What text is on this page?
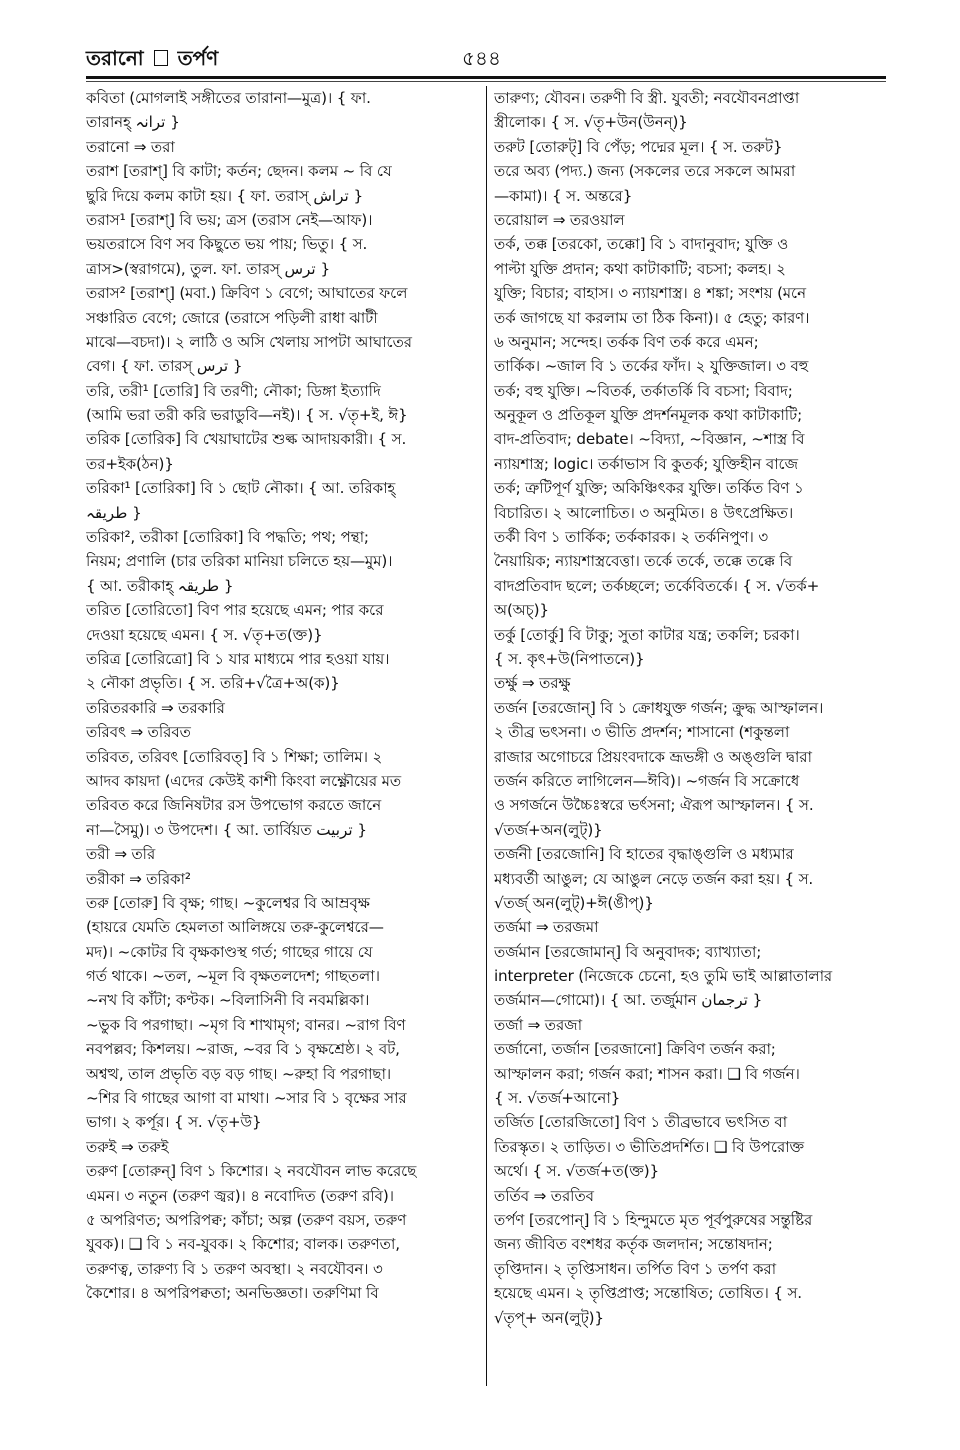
তরানো তর্পণ	৫৪৪
কবিতা (মোগলাই সঙ্গীতের তারানা—মুত্র)। { ফা.
তারানহ্ ترانہ }
তরানো ⇒ তরা
তরাশ [তরাশ্] বি কাটা; কর্তন; ছেদন। কলম ~ বি যে
ছুরি দিয়ে কলম কাটা হয়। { ফা. তরাস্ تراش }
তরাস¹ [তরাশ্] বি ভয়; ত্রস (তরাস নেই—আফ)।
ভয়তরাসে বিণ সব কিছুতে ভয় পায়; ভিতু। { স.
ত্রাস>(স্বরাগমে), তুল. ফা. তারস্ ترس }
তরাস² [তরাশ্] (মবা.) ক্রিবিণ ১ বেগে; আঘাতের ফলে
সঞ্চারিত বেগে; জোরে (তরাসে পড়িলী রাধা ঝাটী
মাঝে—বচদা)। ২ লাঠি ও অসি খেলায় সাপটা আঘাতের
বেগ। { ফা. তারস্ ترس }
তরি, তরী¹ [তোরি] বি তরণী; নৌকা; ডিঙ্গা ইত্যাদি
(আমি ভরা তরী করি ভরাডুবি—নই)। { স. √তৃ+ই, ঈ}
তরিক [তোরিক] বি খেয়াঘাটের শুল্ক আদায়কারী। { স.
তর+ইক(ঠন)}
তরিকা¹ [তোরিকা] বি ১ ছোট নৌকা। { আ. তরিকাহ্
طریقہ }
তরিকা², তরীকা [তোরিকা] বি পদ্ধতি; পথ; পন্থা;
নিয়ম; প্রণালি (চার তরিকা মানিয়া চলিতে হয়—মুম)।
{ আ. তরীকাহ্ طریقہ }
তরিত [তোরিতো] বিণ পার হয়েছে এমন; পার করে
দেওয়া হয়েছে এমন। { স. √তৃ+ত(ক্ত)}
তরিত্র [তোরিত্রো] বি ১ যার মাধ্যমে পার হওয়া যায়।
২ নৌকা প্রভৃতি। { স. তরি+√ত্রৈ+অ(ক)}
তরিতরকারি ⇒ তরকারি
তরিবৎ ⇒ তরিবত
তরিবত, তরিবৎ [তোরিবত্] বি ১ শিক্ষা; তালিম। ২
আদব কায়দা (এদের কেউই কাশী কিংবা লক্ষ্ণৌয়ের মত
তরিবত করে জিনিষটার রস উপভোগ করতে জানে
না—সৈমু)। ৩ উপদেশ। { আ. তার্বিয়ত تربیت }
তরী ⇒ তরি
তরীকা ⇒ তরিকা²
তরু [তোরু] বি বৃক্ষ; গাছ। ~কুলেশ্বর বি আম্রবৃক্ষ
(হায়রে যেমতি হেমলতা আলিঙ্গয়ে তরু-কুলেশ্বরে—
মদ)। ~কোটর বি বৃক্ষকাণ্ডস্থ গর্ত; গাছের গায়ে যে
গর্ত থাকে। ~তল, ~মূল বি বৃক্ষতলদেশ; গাছতলা।
~নখ বি কাঁটা; কণ্টক। ~বিলাসিনী বি নবমল্লিকা।
~ভুক বি পরগাছা। ~মৃগ বি শাখামৃগ; বানর। ~রাগ বিণ
নবপল্লব; কিশলয়। ~রাজ, ~বর বি ১ বৃক্ষশ্রেষ্ঠ। ২ বট,
অশ্বত্থ, তাল প্রভৃতি বড় বড় গাছ। ~রুহা বি পরগাছা।
~শির বি গাছের আগা বা মাথা। ~সার বি ১ বৃক্ষের সার
ভাগ। ২ কর্পূর। { স. √তৃ+উ}
তরুই ⇒ তরুই
তরুণ [তোরুন্] বিণ ১ কিশোর। ২ নবযৌবন লাভ করেছে
এমন। ৩ নতুন (তরুণ জ্বর)। ৪ নবোদিত (তরুণ রবি)।
৫ অপরিণত; অপরিপক্ব; কাঁচা; অল্প (তরুণ বয়স, তরুণ
যুবক)। ❑ বি ১ নব-যুবক। ২ কিশোর; বালক। তরুণতা,
তরুণত্ব, তারুণ্য বি ১ তরুণ অবস্থা। ২ নবযৌবন। ৩
কৈশোর। ৪ অপরিপক্বতা; অনভিজ্ঞতা। তরুণিমা বি
তারুণ্য; যৌবন। তরুণী বি স্ত্রী. যুবতী; নবযৌবনপ্রাপ্তা
স্ত্রীলোক। { স. √তৃ+উন(উনন্)}
তরুট [তোরুট্] বি পেঁড়; পদ্মের মূল। { স. তরুট}
তরে অব্য (পদ্য.) জন্য (সকলের তরে সকলে আমরা
—কামা)। { স. অন্তরে}
তরোয়াল ⇒ তরওয়াল
তর্ক, তক্ক [তরকো, তক্কো] বি ১ বাদানুবাদ; যুক্তি ও
পাল্টা যুক্তি প্রদান; কথা কাটাকাটি; বচসা; কলহ। ২
যুক্তি; বিচার; বাহাস। ৩ ন্যায়শাস্ত্র। ৪ শঙ্কা; সংশয় (মনে
তর্ক জাগছে যা করলাম তা ঠিক কিনা)। ৫ হেতু; কারণ।
৬ অনুমান; সন্দেহ। তর্কক বিণ তর্ক করে এমন;
তার্কিক। ~জাল বি ১ তর্কের ফাঁদ। ২ যুক্তিজাল। ৩ বহু
তর্ক; বহু যুক্তি। ~বিতর্ক, তর্কাতর্কি বি বচসা; বিবাদ;
অনুকূল ও প্রতিকূল যুক্তি প্রদর্শনমূলক কথা কাটাকাটি;
বাদ-প্রতিবাদ; debate। ~বিদ্যা, ~বিজ্ঞান, ~শাস্ত্র বি
ন্যায়শাস্ত্র; logic। তর্কাভাস বি কুতর্ক; যুক্তিহীন বাজে
তর্ক; ত্রুটিপূর্ণ যুক্তি; অকিঞ্চিৎকর যুক্তি। তর্কিত বিণ ১
বিচারিত। ২ আলোচিত। ৩ অনুমিত। ৪ উৎপ্রেক্ষিত।
তর্কী বিণ ১ তার্কিক; তর্ককারক। ২ তর্কনিপুণ। ৩
নৈয়ায়িক; ন্যায়শাস্ত্রবেত্তা। তর্কে তর্কে, তক্কে তক্কে বি
বাদপ্রতিবাদ ছলে; তর্কচ্ছলে; তর্কেবিতর্কে। { স. √তর্ক+
অ(অচ্)}
তর্কু [তোর্কু] বি টাকু; সুতা কাটার যন্ত্র; তকলি; চরকা।
{ স. কৃৎ+উ(নিপাতনে)}
তর্ক্ষু ⇒ তরক্ষু
তর্জন [তরজোন্] বি ১ ক্রোধযুক্ত গর্জন; ক্রুদ্ধ আস্ফালন।
২ তীব্র ভৎসনা। ৩ ভীতি প্রদর্শন; শাসানো (শকুন্তলা
রাজার অগোচরে প্রিয়ংবদাকে ভ্রূভঙ্গী ও অঙ্গুলি দ্বারা
তর্জন করিতে লাগিলেন—ঈবি)। ~গর্জন বি সক্রোধে
ও সগর্জনে উচ্চৈঃস্বরে ভর্ৎসনা; ঐরূপ আস্ফালন। { স.
√তর্জ+অন(লুট্)}
তর্জনী [তরজোনি] বি হাতের বৃদ্ধাঙ্গুলি ও মধ্যমার
মধ্যবর্তী আঙুল; যে আঙুল নেড়ে তর্জন করা হয়। { স.
√তর্জ্‌ অন(লুট্)+ঈ(ঙীপ্)}
তর্জমা ⇒ তরজমা
তর্জমান [তরজোমান্] বি অনুবাদক; ব্যাখ্যাতা;
interpreter (নিজেকে চেনো, হও তুমি ভাই আল্লাতালার
তর্জমান—গোমো)। { আ. তর্জুমান ترجمان }
তর্জা ⇒ তরজা
তর্জানো, তর্জান [তরজানো] ক্রিবিণ তর্জন করা;
আস্ফালন করা; গর্জন করা; শাসন করা। ❑ বি গর্জন।
{ স. √তর্জ+আনো}
তর্জিত [তোরজিতো] বিণ ১ তীব্রভাবে ভৎসিত বা
তিরস্কৃত। ২ তাড়িত। ৩ ভীতিপ্রদর্শিত। ❑ বি উপরোক্ত
অর্থে। { স. √তর্জ+ত(ক্ত)}
তর্তিব ⇒ তরতিব
তর্পণ [তরপোন্] বি ১ হিন্দুমতে মৃত পূর্বপুরুষের সন্তুষ্টির
জন্য জীবিত বংশধর কর্তৃক জলদান; সন্তোষদান;
তৃপ্তিদান। ২ তৃপ্তিসাধন। তর্পিত বিণ ১ তর্পণ করা
হয়েছে এমন। ২ তৃপ্তিপ্রাপ্ত; সন্তোষিত; তোষিত। { স.
√তৃপ্+ অন(লুট্)}
